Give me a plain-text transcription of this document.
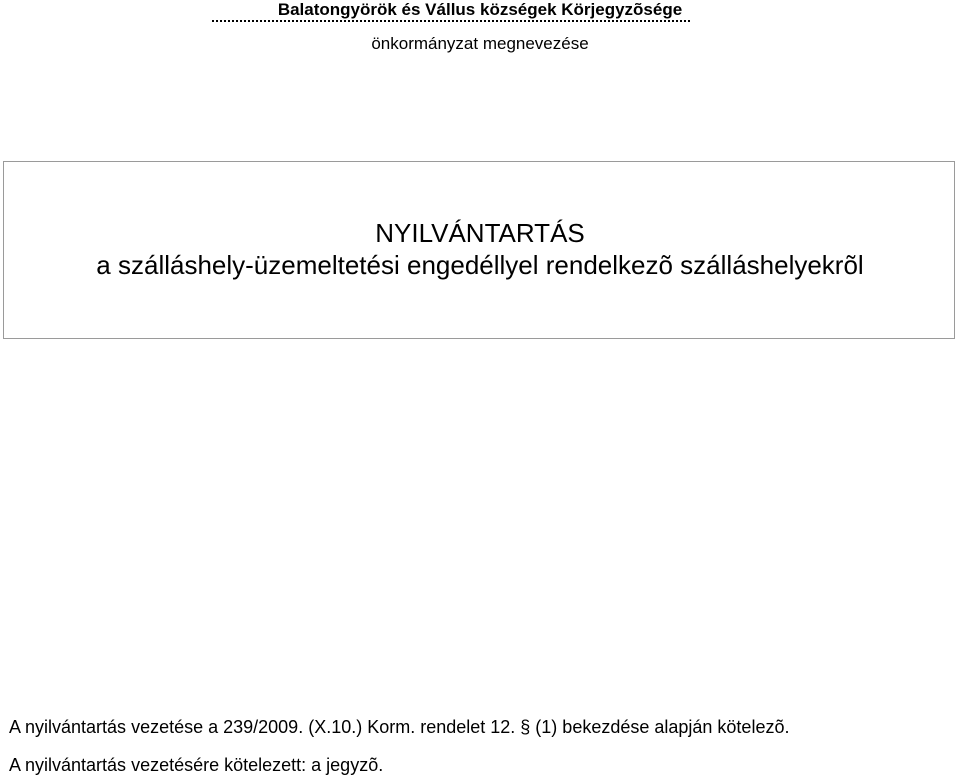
Balatongyörök és Vállus községek Körjegyzõsége
önkormányzat megnevezése
NYILVÁNTARTÁS
a szálláshely-üzemeltetési engedéllyel rendelkezõ szálláshelyekrõl
A nyilvántartás vezetése a 239/2009. (X.10.) Korm. rendelet 12. § (1) bekezdése alapján kötelezõ.
A nyilvántartás vezetésére kötelezett: a jegyzõ.
